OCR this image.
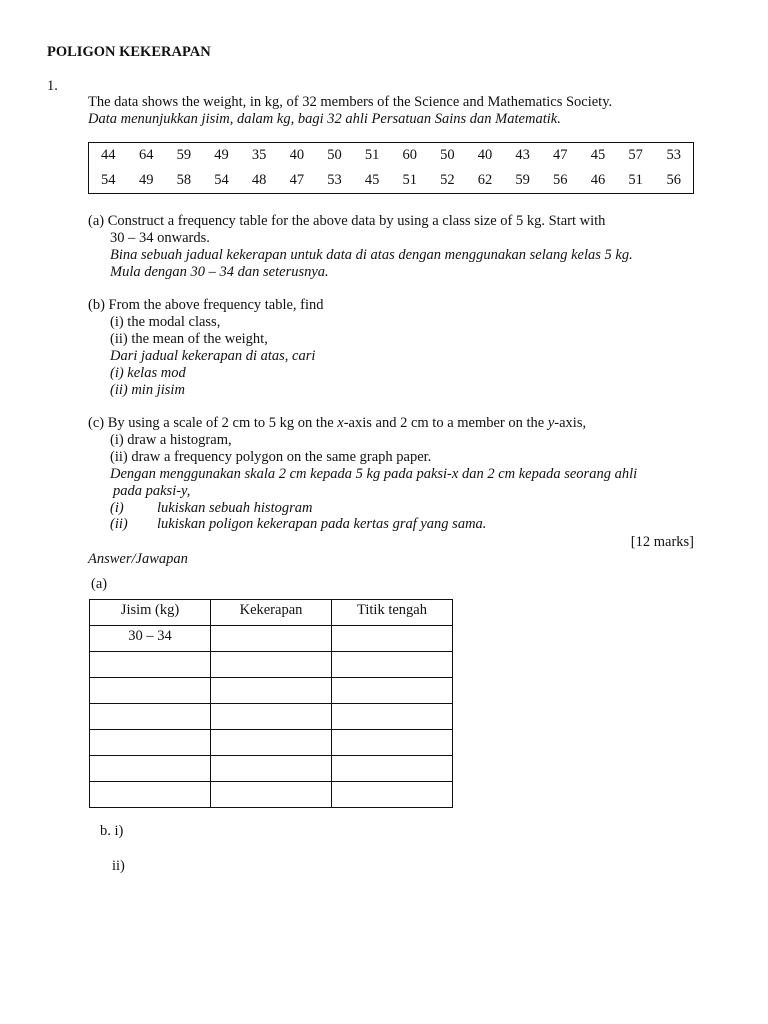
POLIGON KEKERAPAN
1.
The data shows the weight, in kg, of 32 members of the Science and Mathematics Society.
Data menunjukkan jisim, dalam kg, bagi 32 ahli Persatuan Sains dan Matematik.
44	64	59	49	35	40	50	51	60	50	40	43	47	45	57	53
54	49	58	54	48	47	53	45	51	52	62	59	56	46	51	56
(a) Construct a frequency table for the above data by using a class size of 5 kg. Start with
30 – 34 onwards.
Bina sebuah jadual kekerapan untuk data di atas dengan menggunakan selang kelas 5 kg.
Mula dengan 30 – 34 dan seterusnya.
(b) From the above frequency table, find
(i) the modal class,
(ii) the mean of the weight,
Dari jadual kekerapan di atas, cari
(i) kelas mod
(ii) min jisim
(c) By using a scale of 2 cm to 5 kg on the x-axis and 2 cm to a member on the y-axis,
(i) draw a histogram,
(ii) draw a frequency polygon on the same graph paper.
Dengan menggunakan skala 2 cm kepada 5 kg pada paksi-x dan 2 cm kepada seorang ahli
pada paksi-y,
(i) lukiskan sebuah histogram
(ii) lukiskan poligon kekerapan pada kertas graf yang sama.
[12 marks]
Answer/Jawapan
(a)
Jisim (kg)	Kekerapan	Titik tengah

30 – 34		

b. i)
ii)
